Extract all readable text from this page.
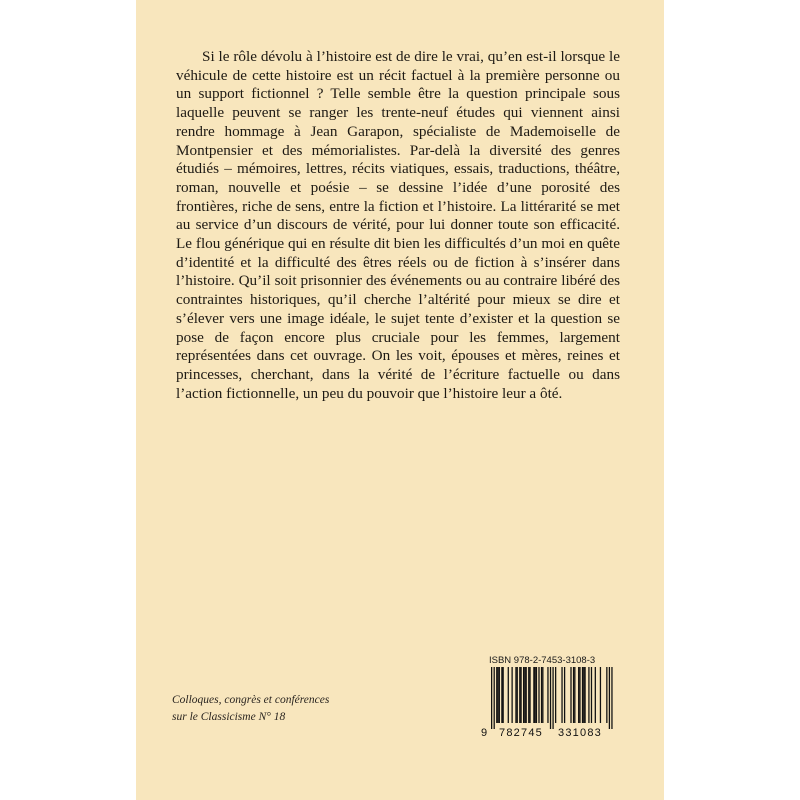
Si le rôle dévolu à l’histoire est de dire le vrai, qu’en est-il lorsque le véhicule de cette histoire est un récit factuel à la première personne ou un support fictionnel ? Telle semble être la question principale sous laquelle peuvent se ranger les trente-neuf études qui viennent ainsi rendre hommage à Jean Garapon, spécialiste de Mademoiselle de Montpensier et des mémorialistes. Par-delà la diversité des genres étudiés – mémoires, lettres, récits viatiques, essais, traductions, théâtre, roman, nouvelle et poésie – se dessine l’idée d’une porosité des frontières, riche de sens, entre la fiction et l’histoire. La littérarité se met au service d’un discours de vérité, pour lui donner toute son efficacité. Le flou générique qui en résulte dit bien les difficultés d’un moi en quête d’identité et la difficulté des êtres réels ou de fiction à s’insérer dans l’histoire. Qu’il soit prisonnier des événements ou au contraire libéré des contraintes historiques, qu’il cherche l’altérité pour mieux se dire et s’élever vers une image idéale, le sujet tente d’exister et la question se pose de façon encore plus cruciale pour les femmes, largement représentées dans cet ouvrage. On les voit, épouses et mères, reines et princesses, cherchant, dans la vérité de l’écriture factuelle ou dans l’action fictionnelle, un peu du pouvoir que l’histoire leur a ôté.

Colloques, congrès et conférences
sur le Classicisme N° 18
ISBN 978-2-7453-3108-3
9 782745 331083
